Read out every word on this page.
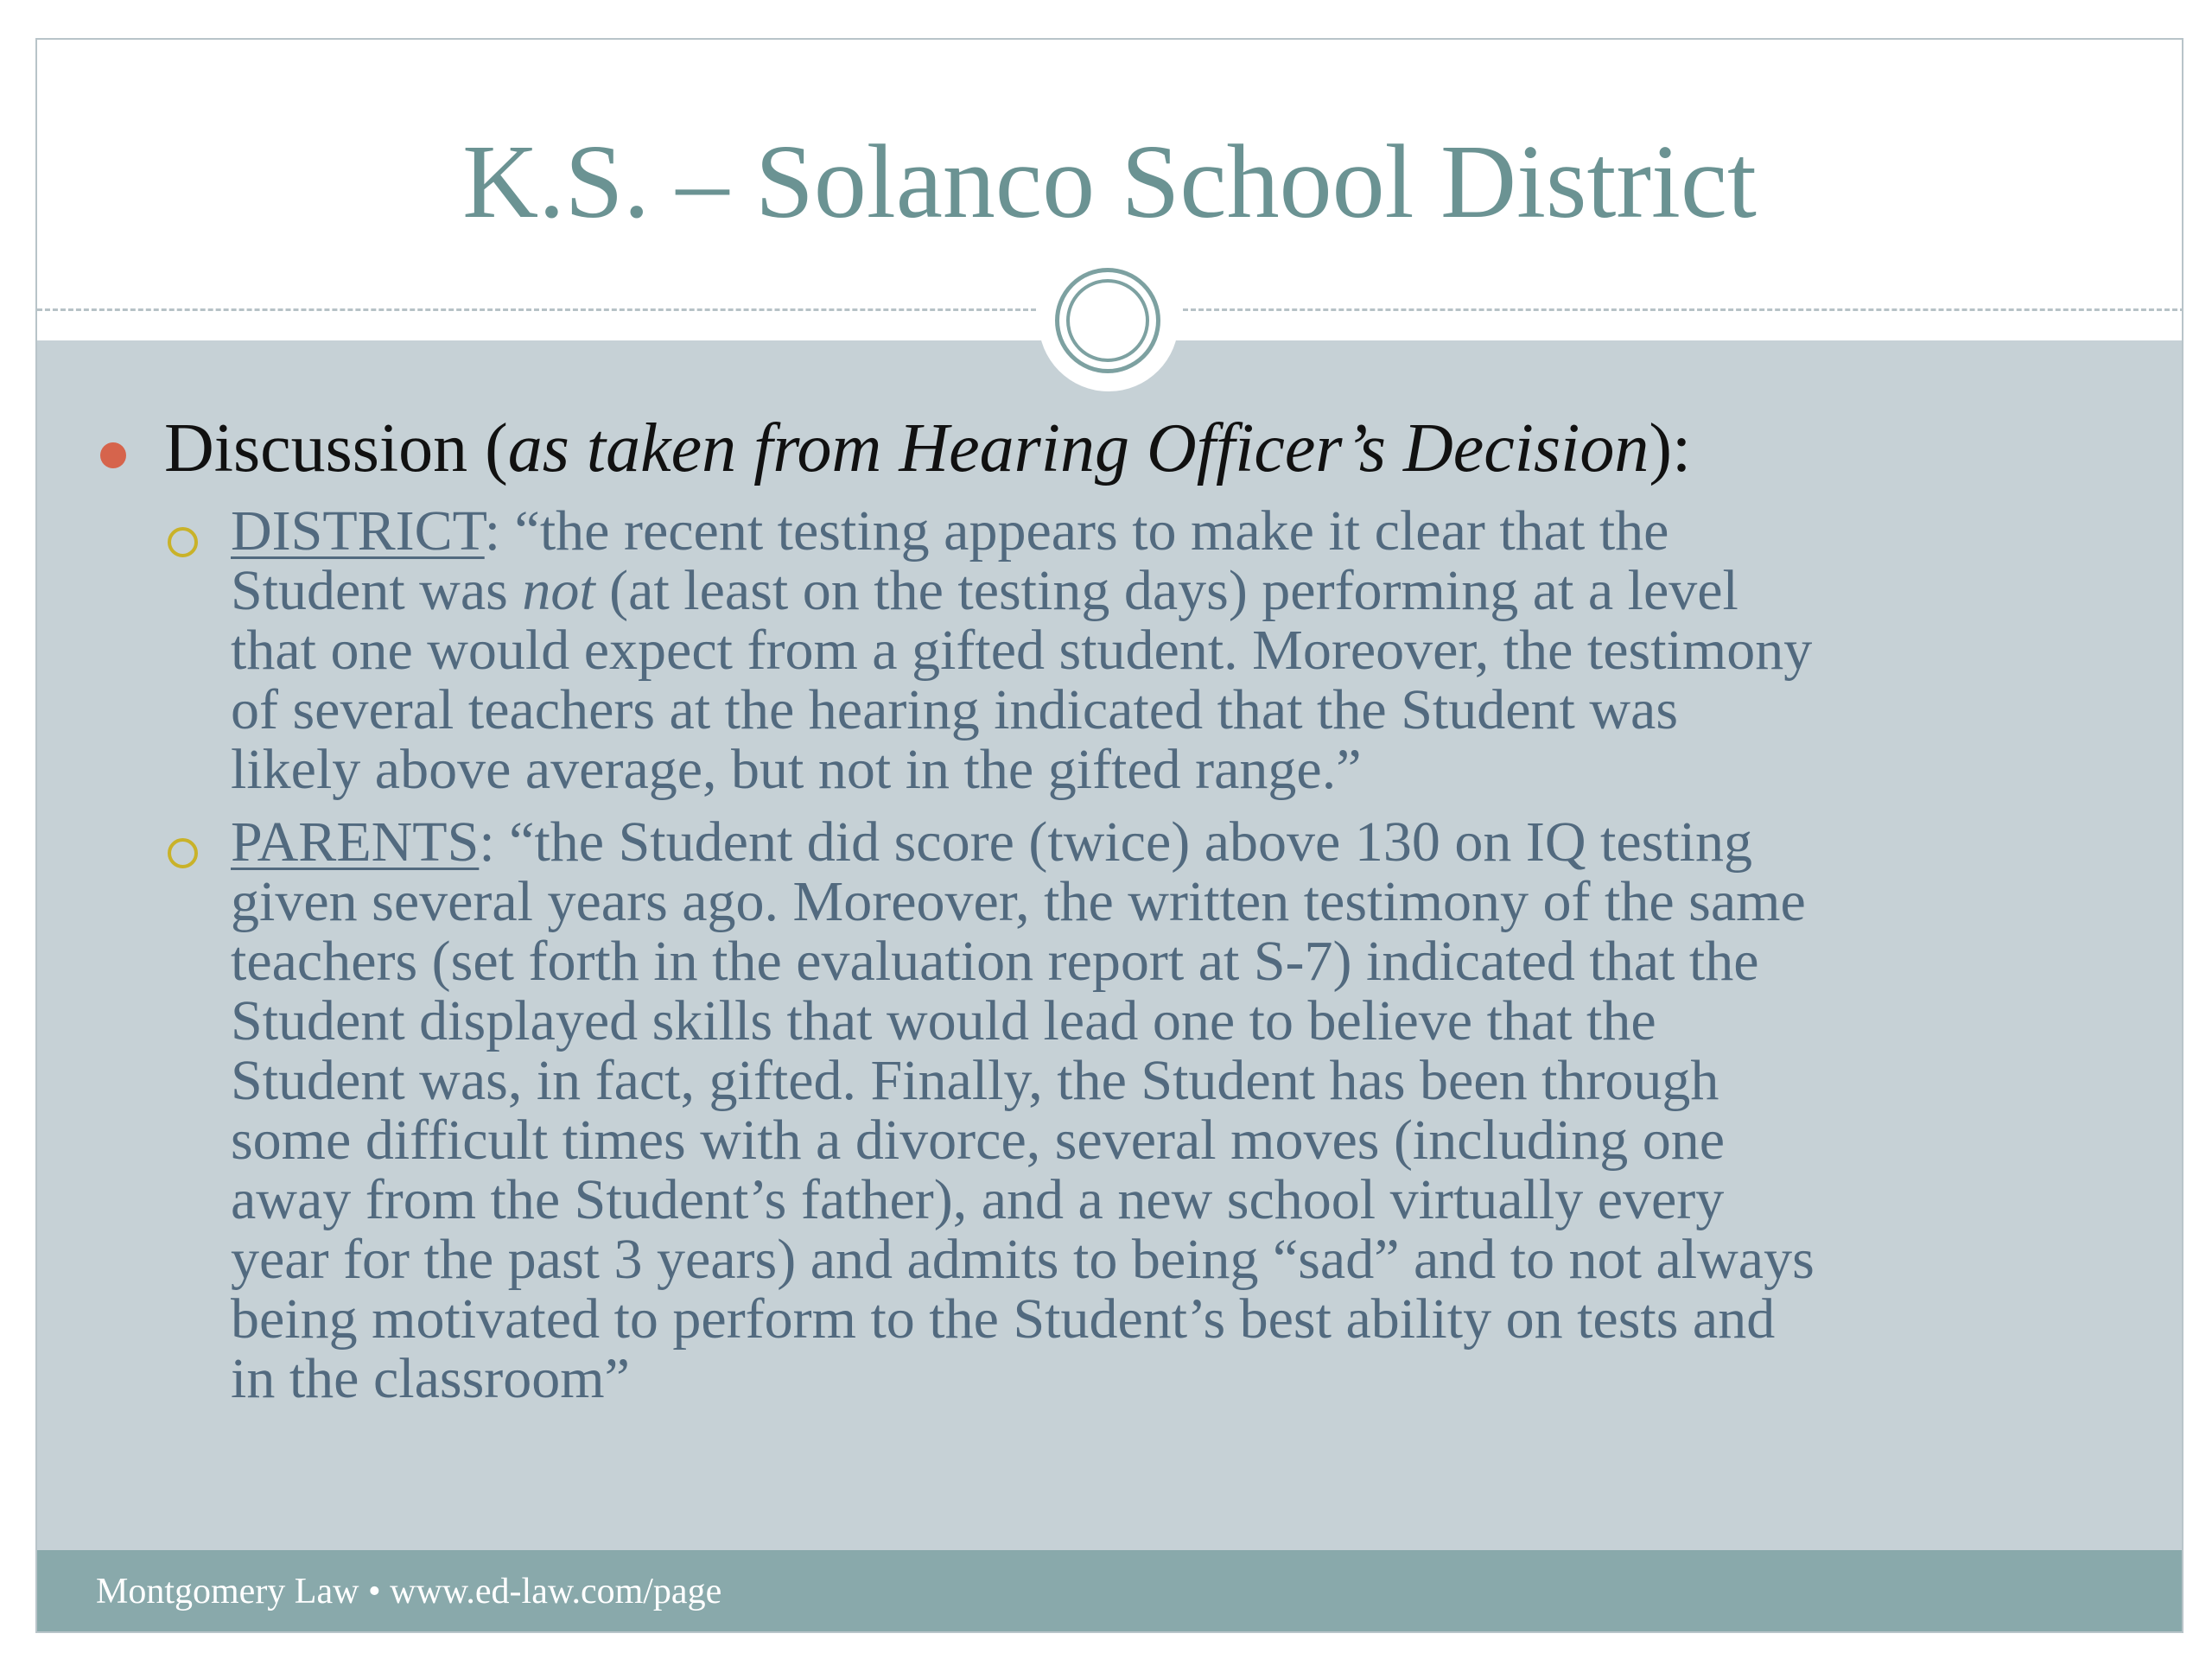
K.S. – Solanco School District
Discussion (as taken from Hearing Officer’s Decision):
DISTRICT: “the recent testing appears to make it clear that the
Student was not (at least on the testing days) performing at a level
that one would expect from a gifted student. Moreover, the testimony
of several teachers at the hearing indicated that the Student was
likely above average, but not in the gifted range.”
PARENTS: “the Student did score (twice) above 130 on IQ testing
given several years ago. Moreover, the written testimony of the same
teachers (set forth in the evaluation report at S-7) indicated that the
Student displayed skills that would lead one to believe that the
Student was, in fact, gifted. Finally, the Student has been through
some difficult times with a divorce, several moves (including one
away from the Student’s father), and a new school virtually every
year for the past 3 years) and admits to being “sad” and to not always
being motivated to perform to the Student’s best ability on tests and
in the classroom”
Montgomery Law • www.ed-law.com/page
